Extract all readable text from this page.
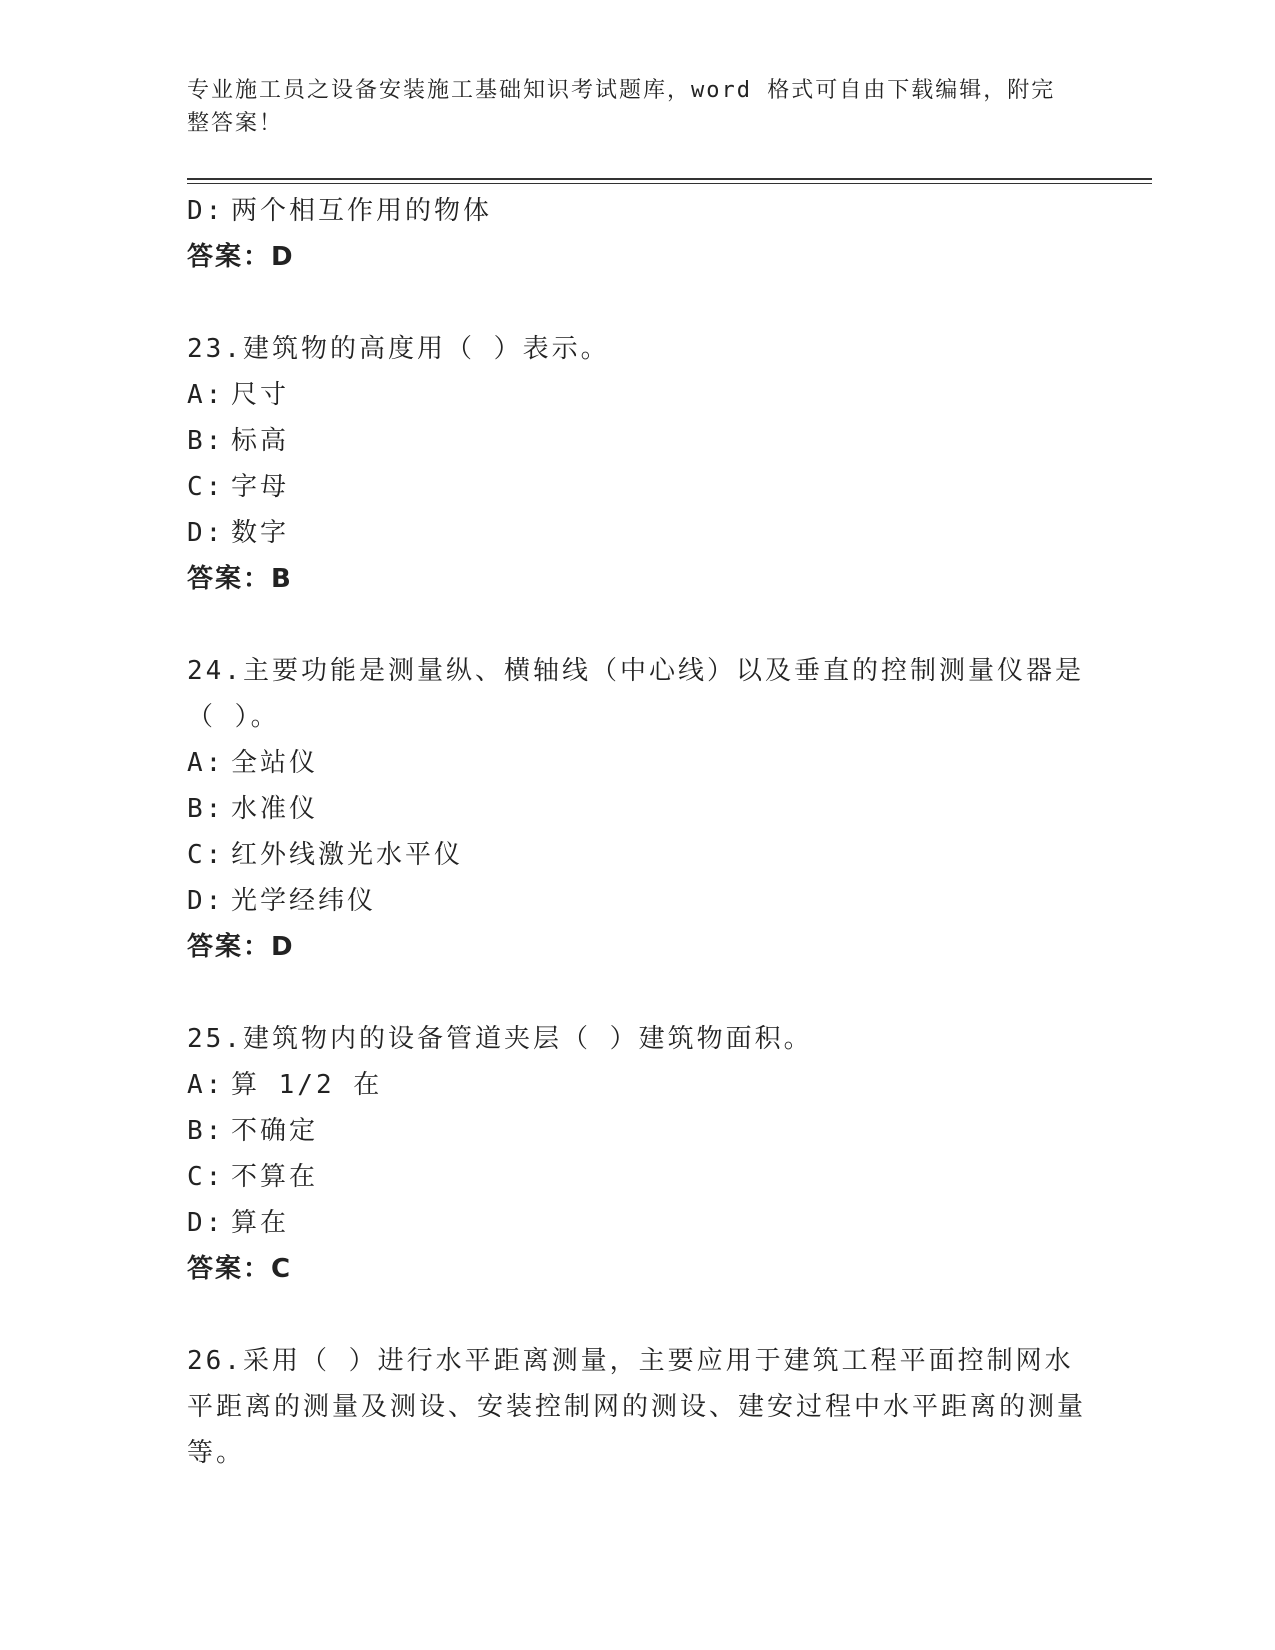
专业施工员之设备安装施工基础知识考试题库，word 格式可自由下载编辑，附完整答案！
D: 两个相互作用的物体
答案：D
23.建筑物的高度用（ ）表示。
A: 尺寸
B: 标高
C: 字母
D: 数字
答案：B
24.主要功能是测量纵、横轴线（中心线）以及垂直的控制测量仪器是（ ）。
A: 全站仪
B: 水准仪
C: 红外线激光水平仪
D: 光学经纬仪
答案：D
25.建筑物内的设备管道夹层（ ）建筑物面积。
A: 算 1/2 在
B: 不确定
C: 不算在
D: 算在
答案：C
26.采用（ ）进行水平距离测量，主要应用于建筑工程平面控制网水平距离的测量及测设、安装控制网的测设、建安过程中水平距离的测量等。
